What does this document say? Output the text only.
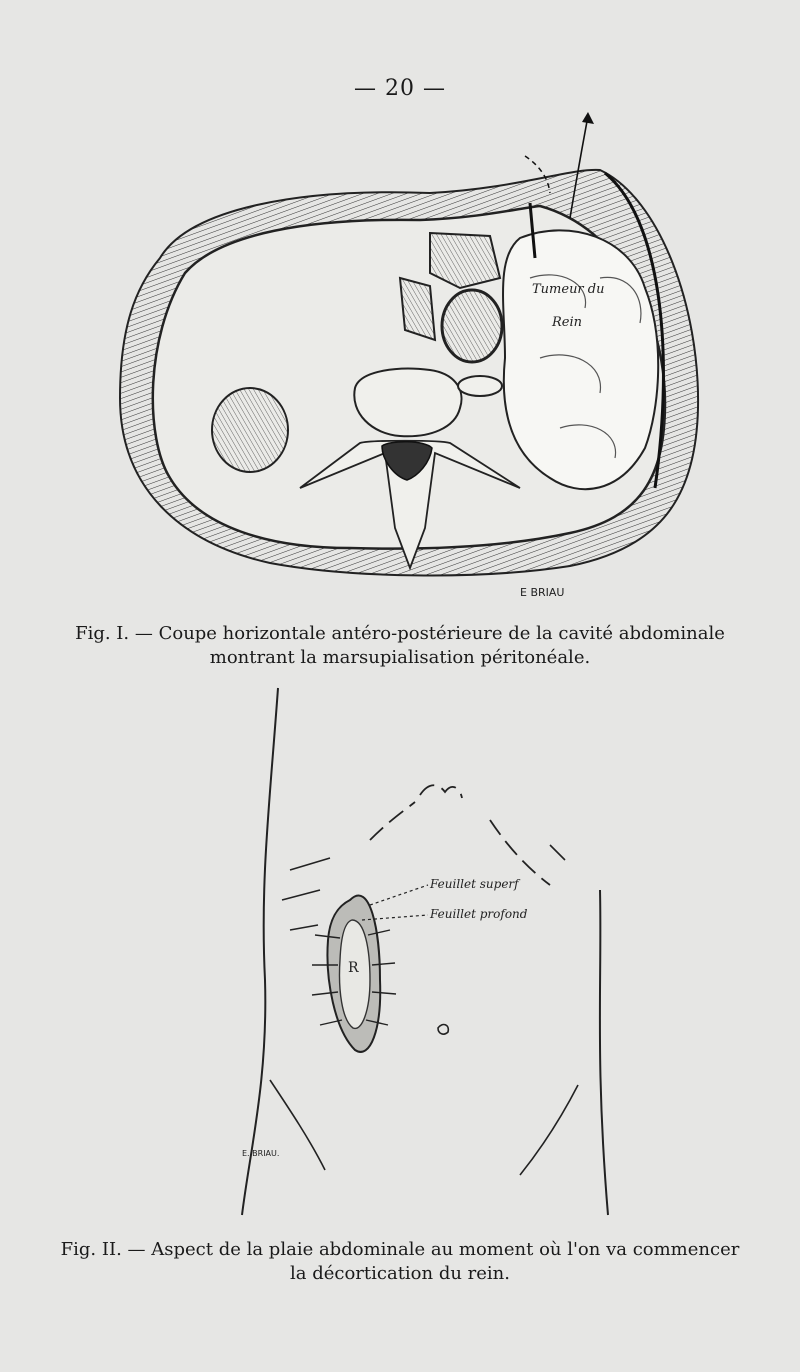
— 20 —
Tumeur du
Rein
E BRIAU
Fig. I. — Coupe horizontale antéro-postérieure de la cavité abdominale
montrant la marsupialisation péritonéale.
R
Feuillet superf
Feuillet profond
E. BRIAU.
Fig. II. — Aspect de la plaie abdominale au moment où l'on va commencer
la décortication du rein.
